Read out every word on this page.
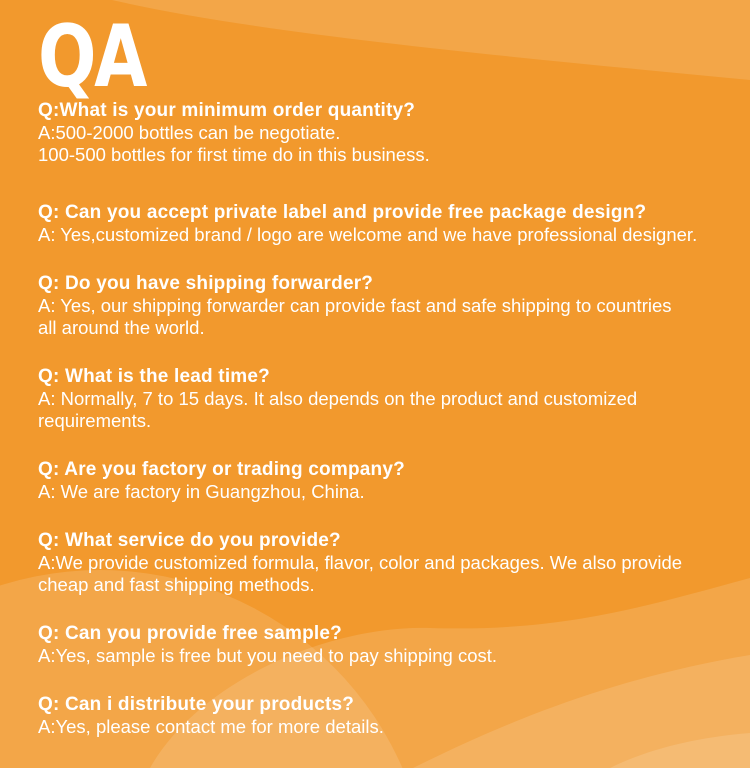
QA
Q:What is your minimum order quantity?
A:500-2000 bottles can be negotiate.
100-500 bottles for first time do in this business.
Q: Can you accept private label and provide free package design?
A: Yes,customized brand / logo are welcome and we have professional designer.
Q: Do you have shipping forwarder?
A: Yes, our shipping forwarder can provide fast and safe shipping to countries
all around the world.
Q: What is the lead time?
A: Normally, 7 to 15 days. It also depends on the product and customized
requirements.
Q: Are you factory or trading company?
A: We are factory in Guangzhou, China.
Q: What service do you provide?
A:We provide customized formula, flavor, color and packages. We also provide
cheap and fast shipping methods.
Q: Can you provide free sample?
A:Yes, sample is free but you need to pay shipping cost.
Q: Can i distribute your products?
A:Yes, please contact me for more details.
